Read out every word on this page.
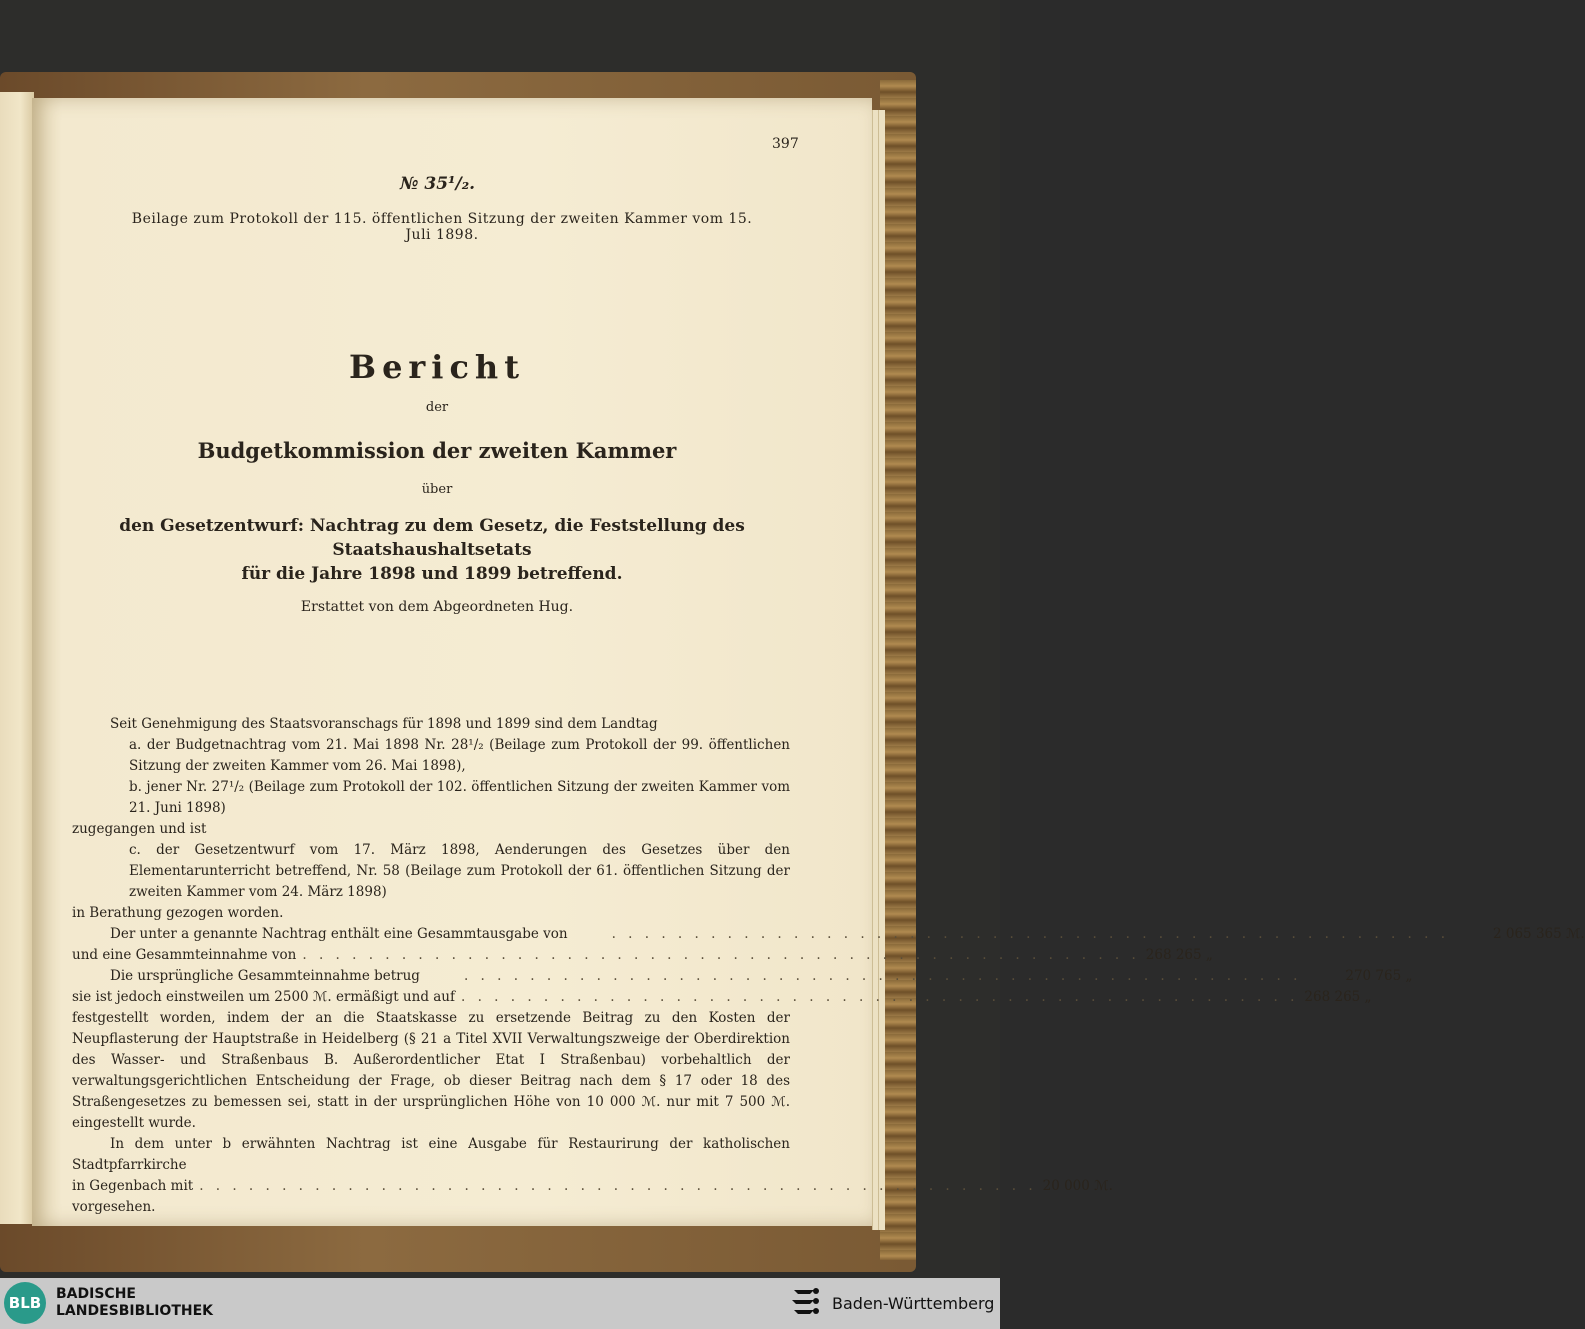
397
№ 35¹/₂.
Beilage zum Protokoll der 115. öffentlichen Sitzung der zweiten Kammer vom 15. Juli 1898.
Bericht
der
Budgetkommission der zweiten Kammer
über
den Gesetzentwurf: Nachtrag zu dem Gesetz, die Feststellung des Staatshaushaltsetats
für die Jahre 1898 und 1899 betreffend.
Erstattet von dem Abgeordneten Hug.
Seit Genehmigung des Staatsvoranschags für 1898 und 1899 sind dem Landtag
a. der Budgetnachtrag vom 21. Mai 1898 Nr. 28¹/₂ (Beilage zum Protokoll der 99. öffentlichen Sitzung der zweiten Kammer vom 26. Mai 1898),
b. jener Nr. 27¹/₂ (Beilage zum Protokoll der 102. öffentlichen Sitzung der zweiten Kammer vom 21. Juni 1898)
zugegangen und ist
c. der Gesetzentwurf vom 17. März 1898, Aenderungen des Gesetzes über den Elementarunterricht betreffend, Nr. 58 (Beilage zum Protokoll der 61. öffentlichen Sitzung der zweiten Kammer vom 24. März 1898)
in Berathung gezogen worden.
Der unter a genannte Nachtrag enthält eine Gesammtausgabe von	. . . . . . . . . . . . . . . . . . . . . . . . . . . . . . . . . . . . . . . . . . . . . . . . . . .	2 065 365 ℳ.
und eine Gesammteinnahme von . . . . . . . . . . . . . . . . . . . . . . . . . . . . . . . . . . . . . . . . . . . . . . . . . . . 268 265 „
Die ursprüngliche Gesammteinnahme betrug	. . . . . . . . . . . . . . . . . . . . . . . . . . . . . . . . . . . . . . . . . . . . . . . . . . .	270 765 „
sie ist jedoch einstweilen um 2500 ℳ. ermäßigt und auf . . . . . . . . . . . . . . . . . . . . . . . . . . . . . . . . . . . . . . . . . . . . . . . . . . . 268 265 „
festgestellt worden, indem der an die Staatskasse zu ersetzende Beitrag zu den Kosten der Neupflasterung der Hauptstraße in Heidelberg (§ 21 a Titel XVII Verwaltungszweige der Oberdirektion des Wasser- und Straßenbaus B. Außerordentlicher Etat I Straßenbau) vorbehaltlich der verwaltungsgerichtlichen Entscheidung der Frage, ob dieser Beitrag nach dem § 17 oder 18 des Straßengesetzes zu bemessen sei, statt in der ursprünglichen Höhe von 10 000 ℳ. nur mit 7 500 ℳ. eingestellt wurde.
In dem unter b erwähnten Nachtrag ist eine Ausgabe für Restaurirung der katholischen Stadtpfarrkirche
in Gegenbach mit . . . . . . . . . . . . . . . . . . . . . . . . . . . . . . . . . . . . . . . . . . . . . . . . . . . 20 000 ℳ.
vorgesehen.
BLB	BADISCHE
LANDESBIBLIOTHEK	Baden-Württemberg
